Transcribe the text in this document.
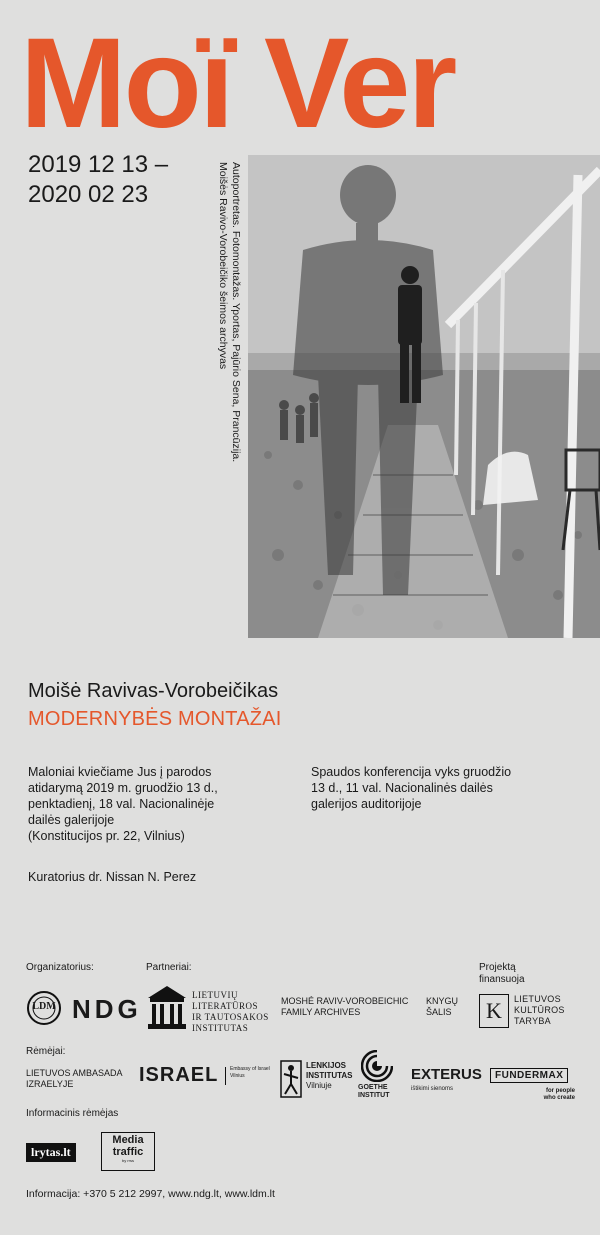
Moï Ver
2019 12 13 –
2020 02 23	Autoportretas. Fotomontažas. Yportas, Pajūrio Sena, Prancūzija.
Moišės Ravivo-Vorobeičiko šeimos archyvas
Moišė Ravivas-Vorobeičikas
MODERNYBĖS MONTAŽAI
Maloniai kviečiame Jus į parodos
atidarymą 2019 m. gruodžio 13 d.,
penktadienį, 18 val. Nacionalinėje
dailės galerijoje
(Konstitucijos pr. 22, Vilnius)
Spaudos konferencija vyks gruodžio
13 d., 11 val. Nacionalinės dailės
galerijos auditorijoje
Kuratorius dr. Nissan N. Perez
Organizatorius:	Partneriai:	Projektą
finansuoja
LDM NDG	LIETUVIŲ
LITERATŪROS
IR TAUTOSAKOS
INSTITUTAS
MOSHÉ RAVIV-VOROBEICHIC
FAMILY ARCHIVES
KNYGŲ
ŠALIS	K	LIETUVOS
KULTŪROS
TARYBA
Rėmėjai:
LIETUVOS AMBASADA
IZRAELYJE	ISRAEL Embassy of Israel
Vilnius
LENKIJOS
INSTITUTAS
Vilniuje	GOETHE
INSTITUT
EXTERUS
ištikimi sienoms
FUNDERMAX
for people
who create
Informacinis rėmėjas
lrytas.lt
Media
traffic
by rrss
Informacija: +370 5 212 2997, www.ndg.lt, www.ldm.lt
